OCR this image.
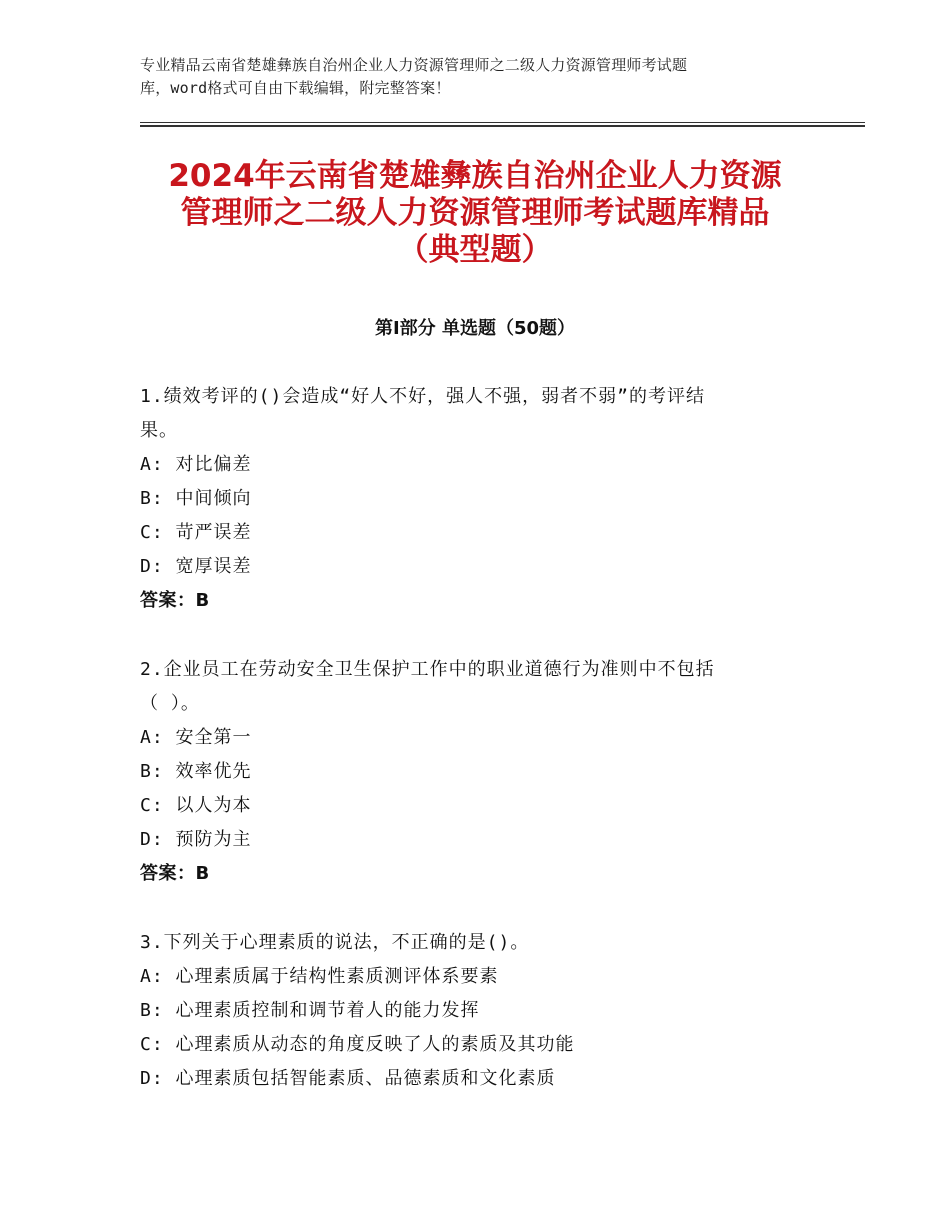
专业精品云南省楚雄彝族自治州企业人力资源管理师之二级人力资源管理师考试题
库，word格式可自由下载编辑，附完整答案！
2024年云南省楚雄彝族自治州企业人力资源
管理师之二级人力资源管理师考试题库精品
（典型题）
第Ⅰ部分 单选题（50题）
1.绩效考评的()会造成“好人不好，强人不强，弱者不弱”的考评结
果。
A: 对比偏差
B: 中间倾向
C: 苛严误差
D: 宽厚误差
答案：B
2.企业员工在劳动安全卫生保护工作中的职业道德行为准则中不包括
（ ）。
A: 安全第一
B: 效率优先
C: 以人为本
D: 预防为主
答案：B
3.下列关于心理素质的说法，不正确的是()。
A: 心理素质属于结构性素质测评体系要素
B: 心理素质控制和调节着人的能力发挥
C: 心理素质从动态的角度反映了人的素质及其功能
D: 心理素质包括智能素质、品德素质和文化素质
